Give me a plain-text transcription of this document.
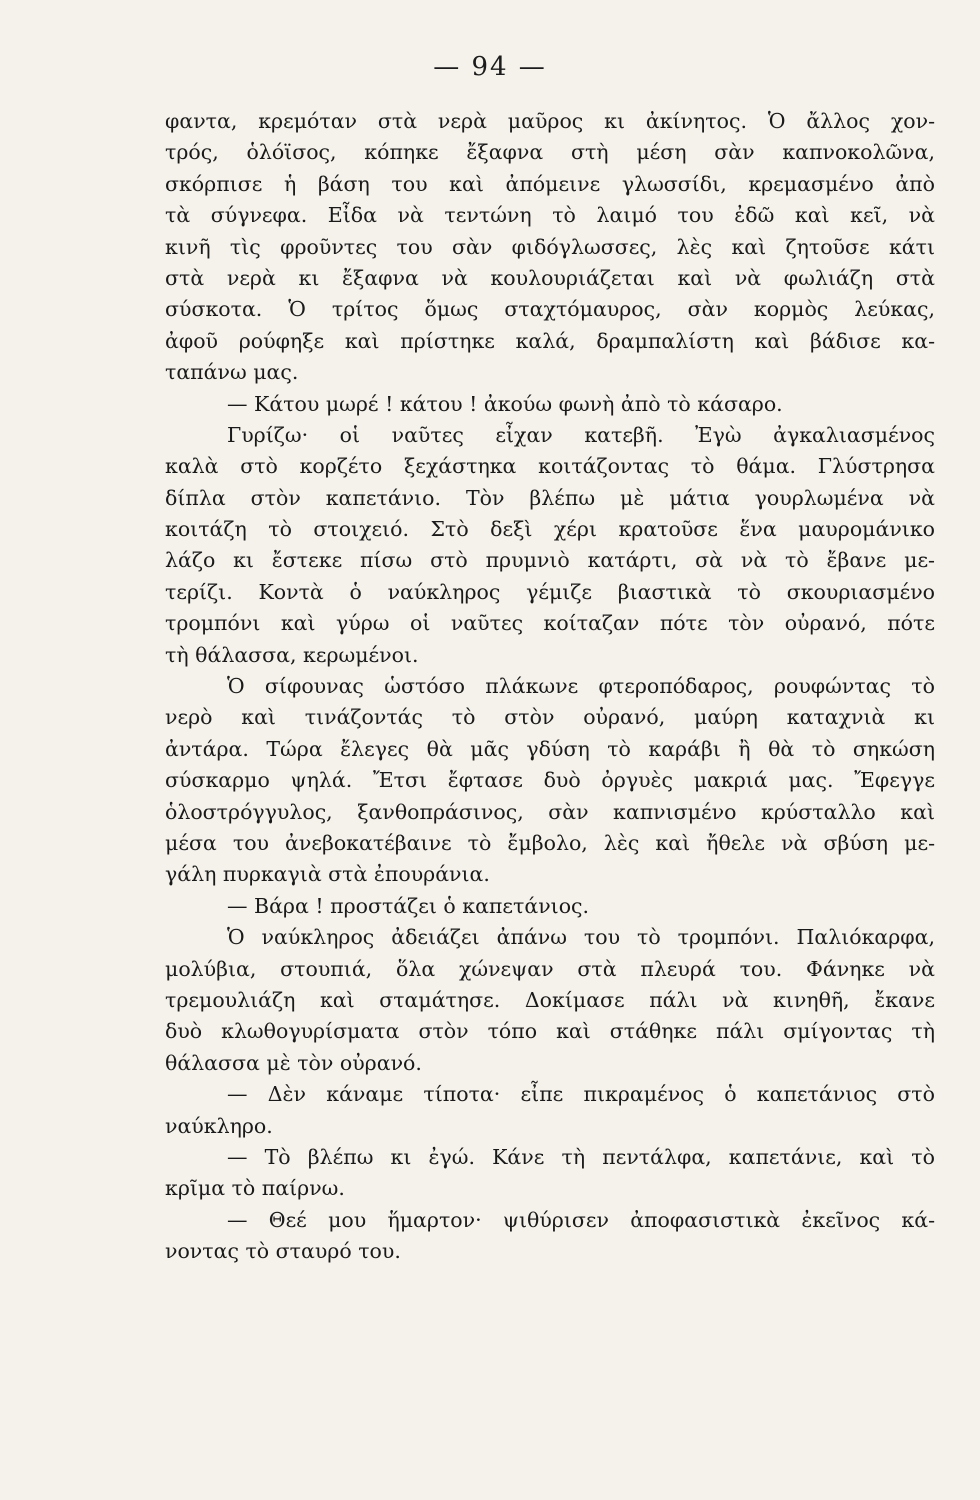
— 94 —
φαντα, κρεμόταν στὰ νερὰ μαῦρος κι ἀκίνητος. Ὁ ἄλλος χον-
τρός, ὁλόϊσος, κόπηκε ἔξαφνα στὴ μέση σὰν καπνοκολῶνα,
σκόρπισε ἡ βάση του καὶ ἀπόμεινε γλωσσίδι, κρεμασμένο ἀπὸ
τὰ σύγνεφα. Εἶδα νὰ τεντώνη τὸ λαιμό του ἐδῶ καὶ κεῖ, νὰ
κινῆ τὶς φροῦντες του σὰν φιδόγλωσσες, λὲς καὶ ζητοῦσε κάτι
στὰ νερὰ κι ἔξαφνα νὰ κουλουριάζεται καὶ νὰ φωλιάζη στὰ
σύσκοτα. Ὁ τρίτος ὅμως σταχτόμαυρος, σὰν κορμὸς λεύκας,
ἀφοῦ ρούφηξε καὶ πρίστηκε καλά, δραμπαλίστη καὶ βάδισε κα-
ταπάνω μας.
— Κάτου μωρέ ! κάτου ! ἀκούω φωνὴ ἀπὸ τὸ κάσαρο.
Γυρίζω· οἱ ναῦτες εἶχαν κατεβῆ. Ἐγὼ ἀγκαλιασμένος
καλὰ στὸ κορζέτο ξεχάστηκα κοιτάζοντας τὸ θάμα. Γλύστρησα
δίπλα στὸν καπετάνιο. Τὸν βλέπω μὲ μάτια γουρλωμένα νὰ
κοιτάζη τὸ στοιχειό. Στὸ δεξὶ χέρι κρατοῦσε ἕνα μαυρομάνικο
λάζο κι ἔστεκε πίσω στὸ πρυμνιὸ κατάρτι, σὰ νὰ τὸ ἔβανε με-
τερίζι. Κοντὰ ὁ ναύκληρος γέμιζε βιαστικὰ τὸ σκουριασμένο
τρομπόνι καὶ γύρω οἱ ναῦτες κοίταζαν πότε τὸν οὐρανό, πότε
τὴ θάλασσα, κερωμένοι.
Ὁ σίφουνας ὡστόσο πλάκωνε φτεροπόδαρος, ρουφώντας τὸ
νερὸ καὶ τινάζοντάς τὸ στὸν οὐρανό, μαύρη καταχνιὰ κι
ἀντάρα. Τώρα ἔλεγες θὰ μᾶς γδύση τὸ καράβι ἢ θὰ τὸ σηκώση
σύσκαρμο ψηλά. Ἔτσι ἔφτασε δυὸ ὀργυὲς μακριά μας. Ἔφεγγε
ὁλοστρόγγυλος, ξανθοπράσινος, σὰν καπνισμένο κρύσταλλο καὶ
μέσα του ἀνεβοκατέβαινε τὸ ἔμβολο, λὲς καὶ ἤθελε νὰ σβύση με-
γάλη πυρκαγιὰ στὰ ἐπουράνια.
— Βάρα ! προστάζει ὁ καπετάνιος.
Ὁ ναύκληρος ἀδειάζει ἀπάνω του τὸ τρομπόνι. Παλιόκαρφα,
μολύβια, στουπιά, ὅλα χώνεψαν στὰ πλευρά του. Φάνηκε νὰ
τρεμουλιάζη καὶ σταμάτησε. Δοκίμασε πάλι νὰ κινηθῆ, ἔκανε
δυὸ κλωθογυρίσματα στὸν τόπο καὶ στάθηκε πάλι σμίγοντας τὴ
θάλασσα μὲ τὸν οὐρανό.
— Δὲν κάναμε τίποτα· εἶπε πικραμένος ὁ καπετάνιος στὸ
ναύκληρο.
— Τὸ βλέπω κι ἐγώ. Κάνε τὴ πεντάλφα, καπετάνιε, καὶ τὸ
κρῖμα τὸ παίρνω.
— Θεέ μου ἥμαρτον· ψιθύρισεν ἀποφασιστικὰ ἐκεῖνος κά-
νοντας τὸ σταυρό του.
